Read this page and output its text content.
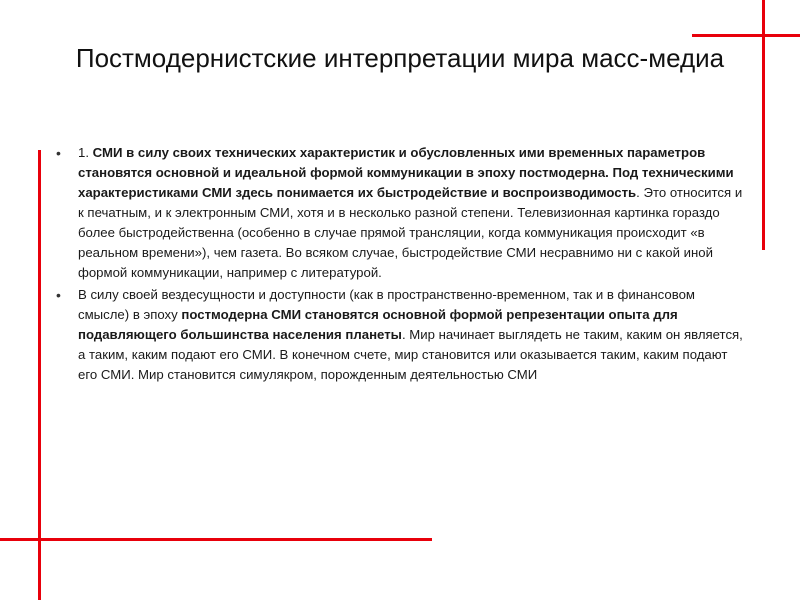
Постмодернистские интерпретации мира масс-медиа
• 1. СМИ в силу своих технических характеристик и обусловленных ими временных параметров становятся основной и идеальной формой коммуникации в эпоху постмодерна. Под техническими характеристиками СМИ здесь понимается их быстродействие и воспроизводимость. Это относится и к печатным, и к электронным СМИ, хотя и в несколько разной степени. Телевизионная картинка гораздо более быстродейственна (особенно в случае прямой трансляции, когда коммуникация происходит «в реальном времени»), чем газета. Во всяком случае, быстродействие СМИ несравнимо ни с какой иной формой коммуникации, например с литературой.
• В силу своей вездесущности и доступности (как в пространственно-временном, так и в финансовом смысле) в эпоху постмодерна СМИ становятся основной формой репрезентации опыта для подавляющего большинства населения планеты. Мир начинает выглядеть не таким, каким он является, а таким, каким подают его СМИ. В конечном счете, мир становится или оказывается таким, каким подают его СМИ. Мир становится симулякром, порожденным деятельностью СМИ
